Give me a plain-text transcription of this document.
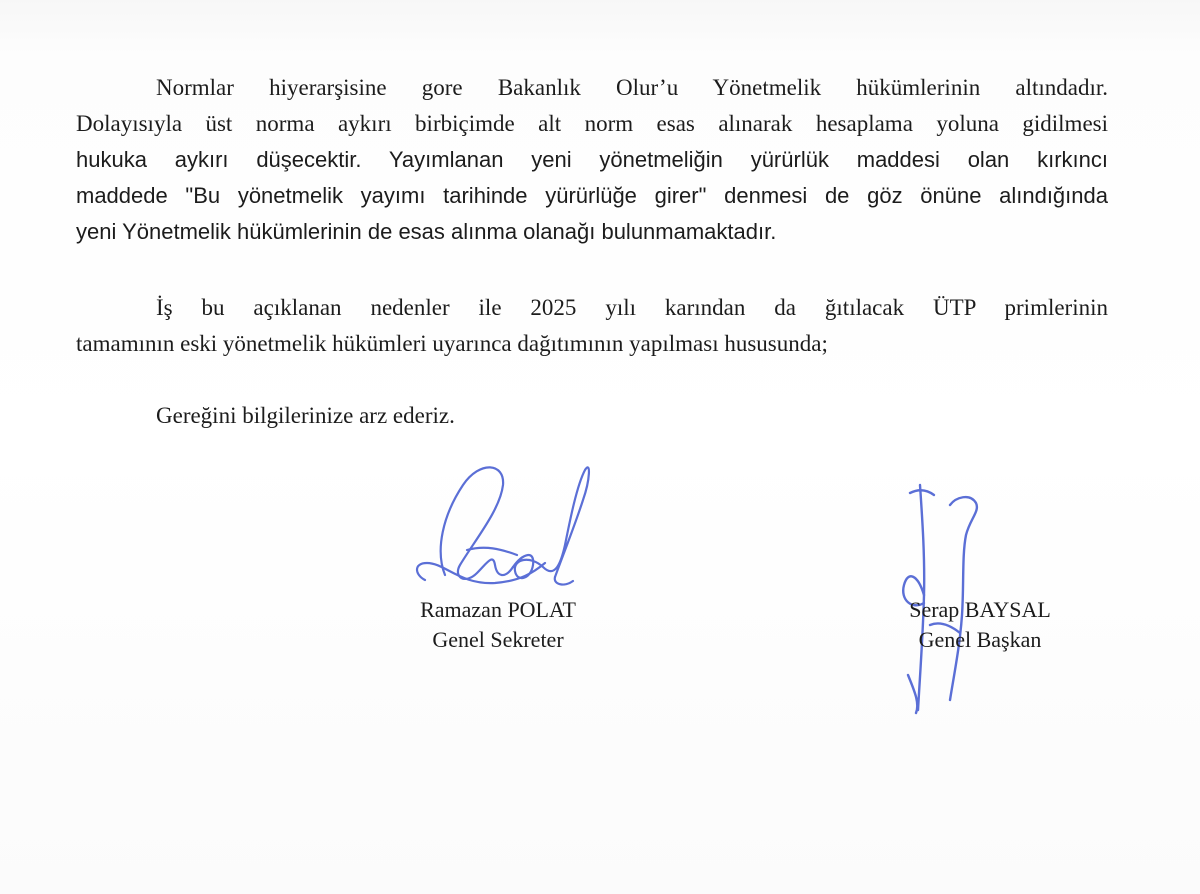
Normlar hiyerarşisine gore Bakanlık Olur’u Yönetmelik hükümlerinin altındadır.
Dolayısıyla üst norma aykırı birbiçimde alt norm esas alınarak hesaplama yoluna gidilmesi
hukuka aykırı düşecektir. Yayımlanan yeni yönetmeliğin yürürlük maddesi olan kırkıncı
maddede "Bu yönetmelik yayımı tarihinde yürürlüğe girer" denmesi de göz önüne alındığında
yeni Yönetmelik hükümlerinin de esas alınma olanağı bulunmamaktadır.
İş bu açıklanan nedenler ile 2025 yılı karından da ğıtılacak ÜTP primlerinin
tamamının eski yönetmelik hükümleri uyarınca dağıtımının yapılması hususunda;
Gereğini bilgilerinize arz ederiz.
Ramazan POLAT
Genel Sekreter
Serap BAYSAL
Genel Başkan
